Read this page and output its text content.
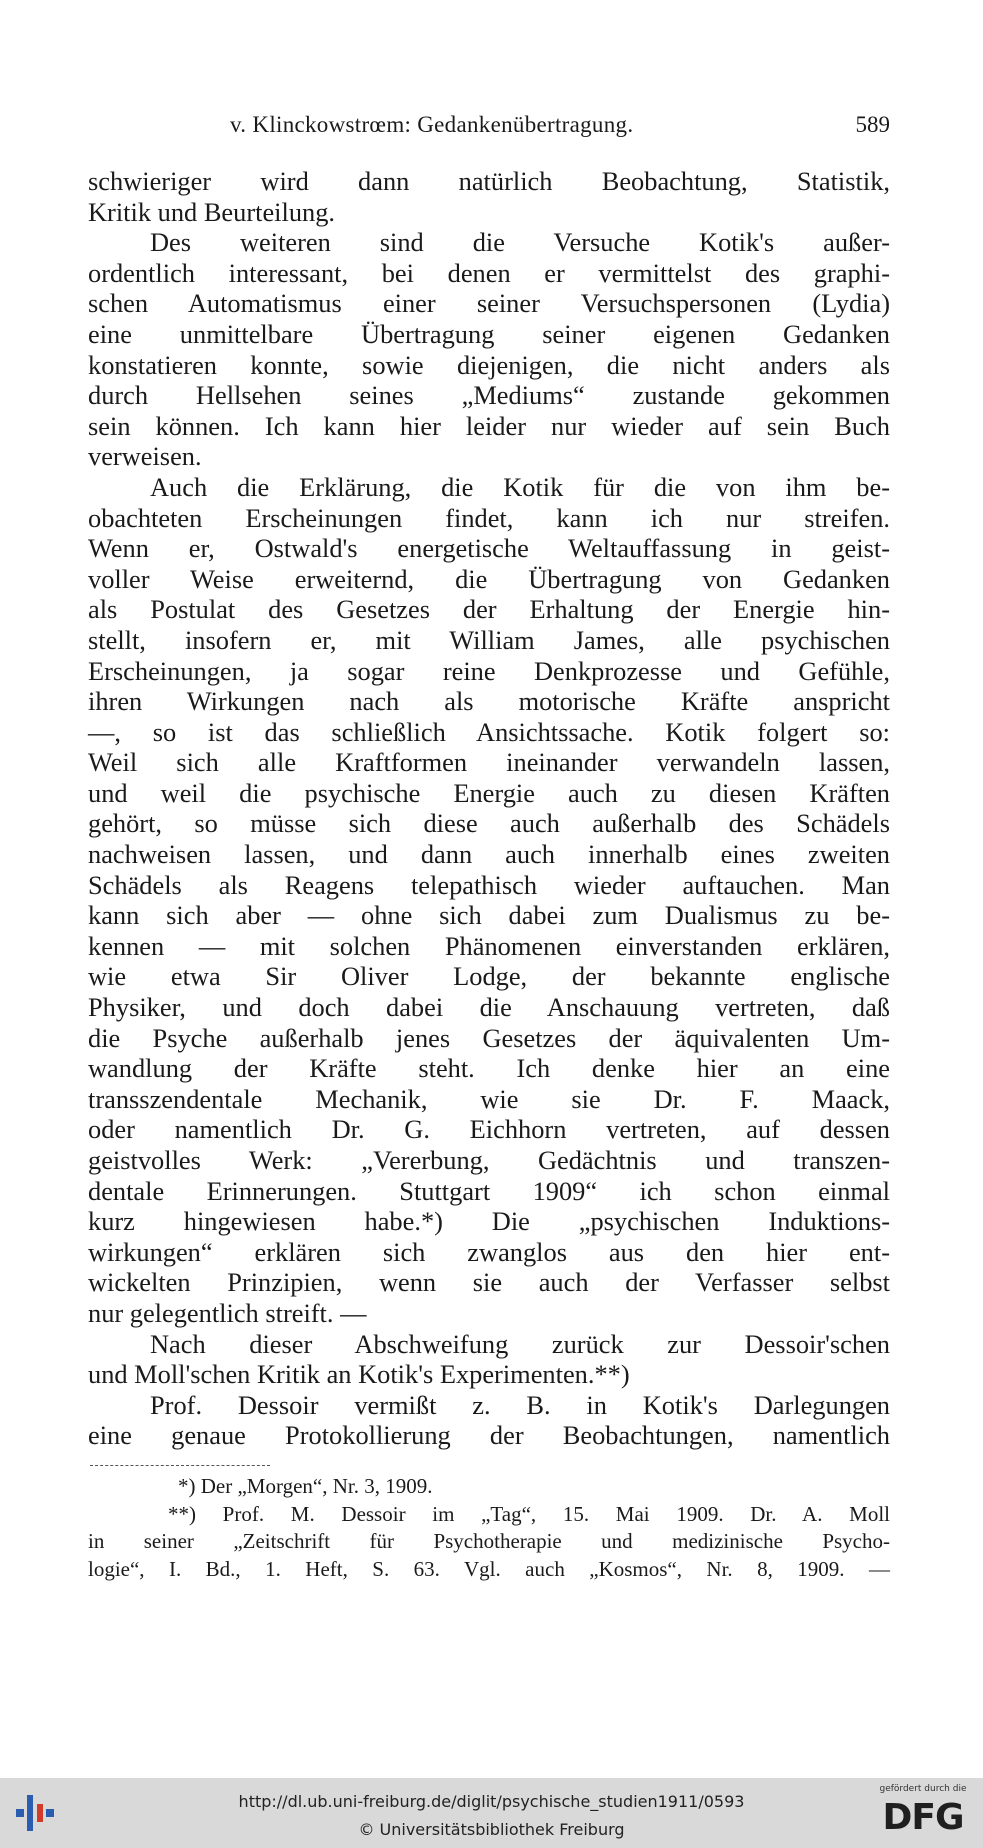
v. Klinckowstrœm: Gedankenübertragung.	589
schwieriger wird dann natürlich Beobachtung, Statistik,
Kritik und Beurteilung.
Des weiteren sind die Versuche Kotik's außer-
ordentlich interessant, bei denen er vermittelst des graphi-
schen Automatismus einer seiner Versuchspersonen (Lydia)
eine unmittelbare Übertragung seiner eigenen Gedanken
konstatieren konnte, sowie diejenigen, die nicht anders als
durch Hellsehen seines „Mediums“ zustande gekommen
sein können. Ich kann hier leider nur wieder auf sein Buch
verweisen.
Auch die Erklärung, die Kotik für die von ihm be-
obachteten Erscheinungen findet, kann ich nur streifen.
Wenn er, Ostwald's energetische Weltauffassung in geist-
voller Weise erweiternd, die Übertragung von Gedanken
als Postulat des Gesetzes der Erhaltung der Energie hin-
stellt, insofern er, mit William James, alle psychischen
Erscheinungen, ja sogar reine Denkprozesse und Gefühle,
ihren Wirkungen nach als motorische Kräfte anspricht
—, so ist das schließlich Ansichtssache. Kotik folgert so:
Weil sich alle Kraftformen ineinander verwandeln lassen,
und weil die psychische Energie auch zu diesen Kräften
gehört, so müsse sich diese auch außerhalb des Schädels
nachweisen lassen, und dann auch innerhalb eines zweiten
Schädels als Reagens telepathisch wieder auftauchen. Man
kann sich aber — ohne sich dabei zum Dualismus zu be-
kennen — mit solchen Phänomenen einverstanden erklären,
wie etwa Sir Oliver Lodge, der bekannte englische
Physiker, und doch dabei die Anschauung vertreten, daß
die Psyche außerhalb jenes Gesetzes der äquivalenten Um-
wandlung der Kräfte steht. Ich denke hier an eine
transszendentale Mechanik, wie sie Dr. F. Maack,
oder namentlich Dr. G. Eichhorn vertreten, auf dessen
geistvolles Werk: „Vererbung, Gedächtnis und transzen-
dentale Erinnerungen. Stuttgart 1909“ ich schon einmal
kurz hingewiesen habe.*) Die „psychischen Induktions-
wirkungen“ erklären sich zwanglos aus den hier ent-
wickelten Prinzipien, wenn sie auch der Verfasser selbst
nur gelegentlich streift. —
Nach dieser Abschweifung zurück zur Dessoir'schen
und Moll'schen Kritik an Kotik's Experimenten.**)
Prof. Dessoir vermißt z. B. in Kotik's Darlegungen
eine genaue Protokollierung der Beobachtungen, namentlich
*) Der „Morgen“, Nr. 3, 1909.
**) Prof. M. Dessoir im „Tag“, 15. Mai 1909. Dr. A. Moll
in seiner „Zeitschrift für Psychotherapie und medizinische Psycho-
logie“, I. Bd., 1. Heft, S. 63. Vgl. auch „Kosmos“, Nr. 8, 1909. —
http://dl.ub.uni-freiburg.de/diglit/psychische_studien1911/0593
© Universitätsbibliothek Freiburg
gefördert durch die
DFG
